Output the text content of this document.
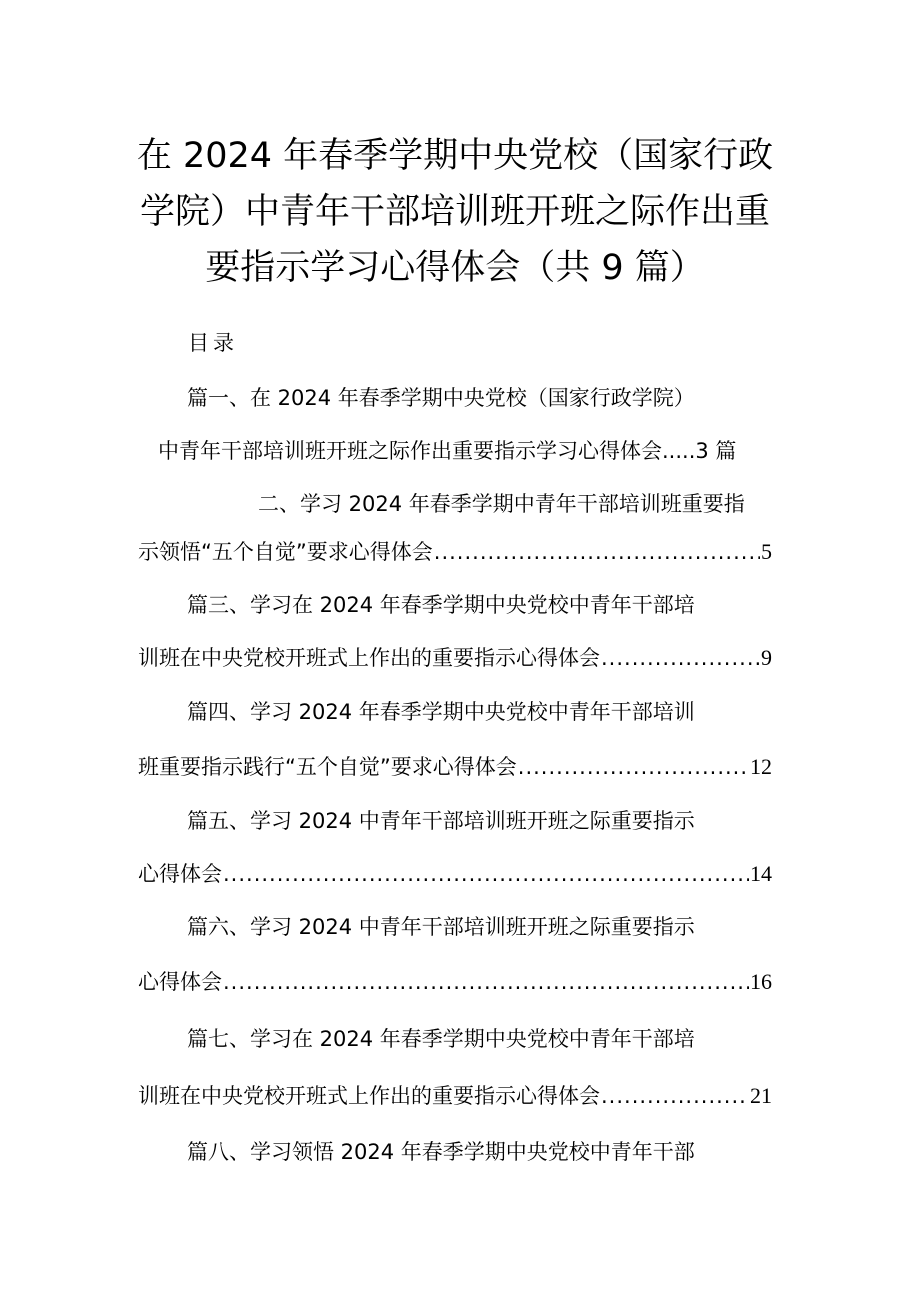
在 2024 年春季学期中央党校（国家行政学院）中青年干部培训班开班之际作出重要指示学习心得体会（共 9 篇）
目录
篇一、在 2024 年春季学期中央党校（国家行政学院）
中青年干部培训班开班之际作出重要指示学习心得体会.....3 篇
二、学习 2024 年春季学期中青年干部培训班重要指
示领悟“五个自觉”要求心得体会 .....	5
篇三、学习在 2024 年春季学期中央党校中青年干部培
训班在中央党校开班式上作出的重要指示心得体会 .....	9
篇四、学习 2024 年春季学期中央党校中青年干部培训
班重要指示践行“五个自觉”要求心得体会 .....	12
篇五、学习 2024 中青年干部培训班开班之际重要指示
心得体会 .....	14
篇六、学习 2024 中青年干部培训班开班之际重要指示
心得体会 .....	16
篇七、学习在 2024 年春季学期中央党校中青年干部培
训班在中央党校开班式上作出的重要指示心得体会 .....	21
篇八、学习领悟 2024 年春季学期中央党校中青年干部
